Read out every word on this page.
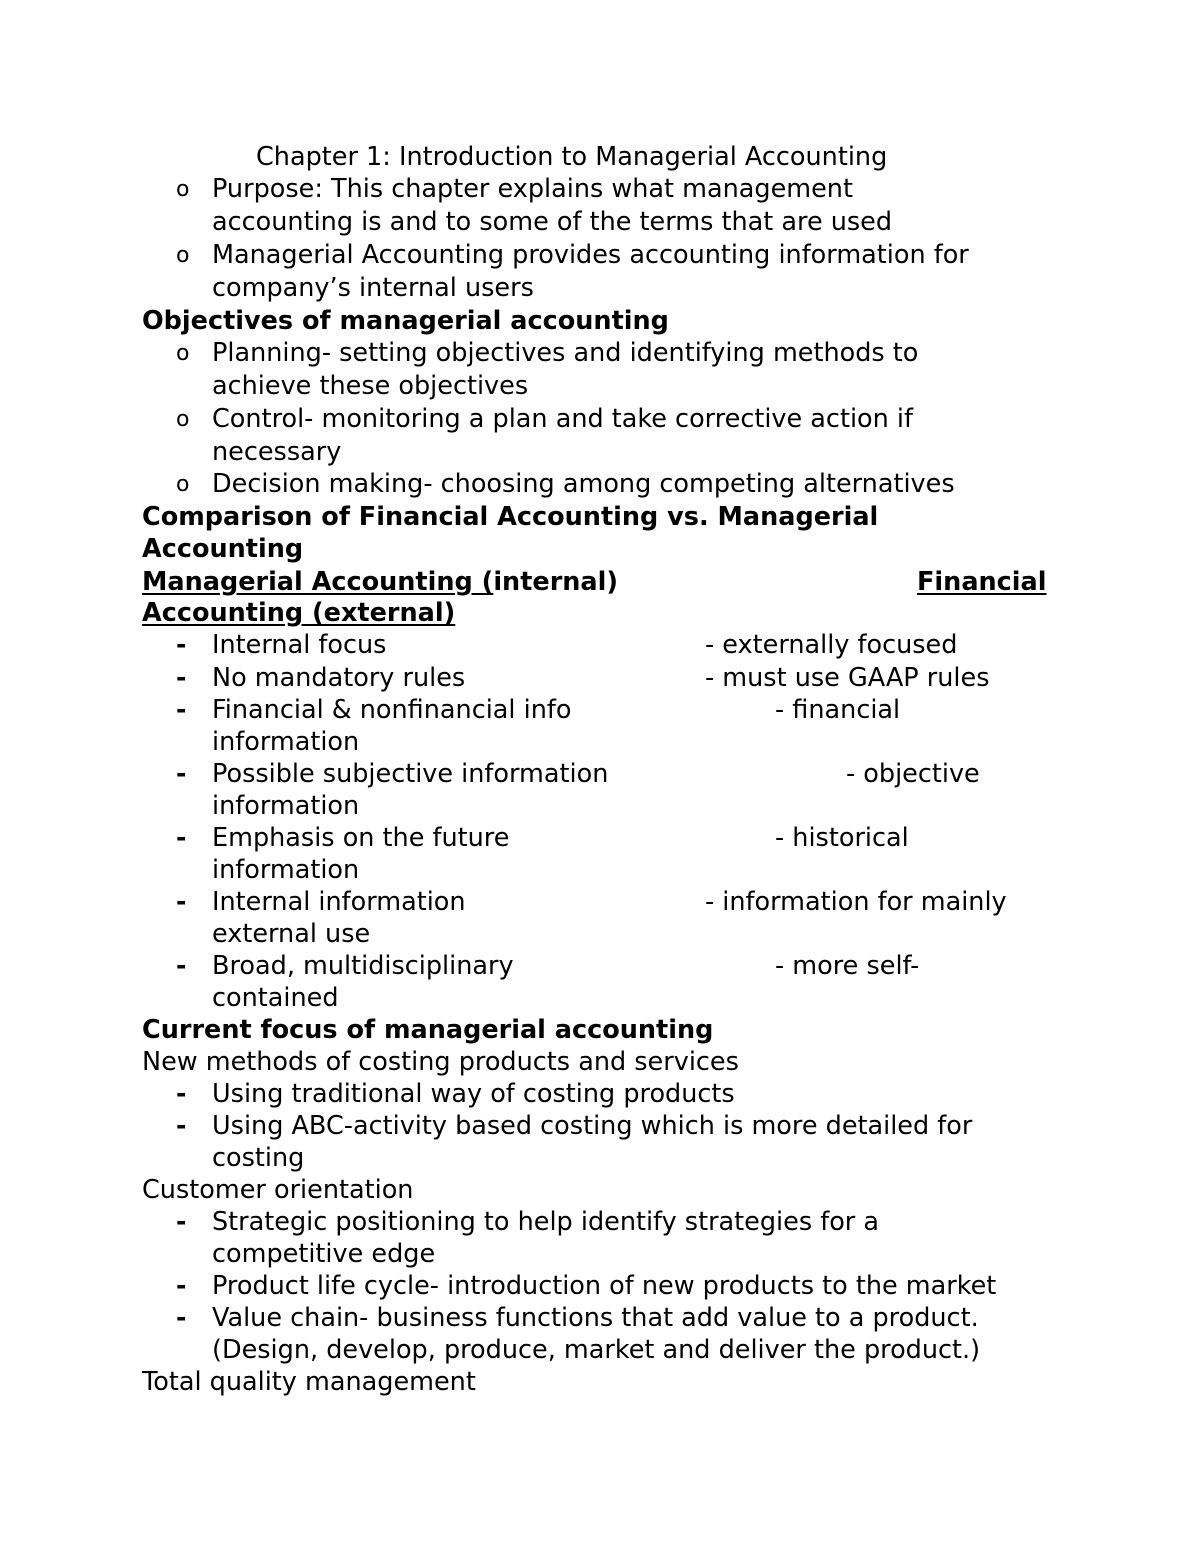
Chapter 1: Introduction to Managerial Accounting
o Purpose: This chapter explains what management
accounting is and to some of the terms that are used
o Managerial Accounting provides accounting information for
company’s internal users
Objectives of managerial accounting
o Planning- setting objectives and identifying methods to
achieve these objectives
o Control- monitoring a plan and take corrective action if
necessary
o Decision making- choosing among competing alternatives
Comparison of Financial Accounting vs. Managerial
Accounting
Managerial Accounting (internal)	Financial
Accounting (external)
- Internal focus	- externally focused
- No mandatory rules	- must use GAAP rules
- Financial & nonfinancial info	- financial
information
- Possible subjective information	- objective
information
- Emphasis on the future	- historical
information
- Internal information	- information for mainly
external use
- Broad, multidisciplinary	- more self-
contained
Current focus of managerial accounting
New methods of costing products and services
- Using traditional way of costing products
- Using ABC-activity based costing which is more detailed for
costing
Customer orientation
- Strategic positioning to help identify strategies for a
competitive edge
- Product life cycle- introduction of new products to the market
- Value chain- business functions that add value to a product.
(Design, develop, produce, market and deliver the product.)
Total quality management
